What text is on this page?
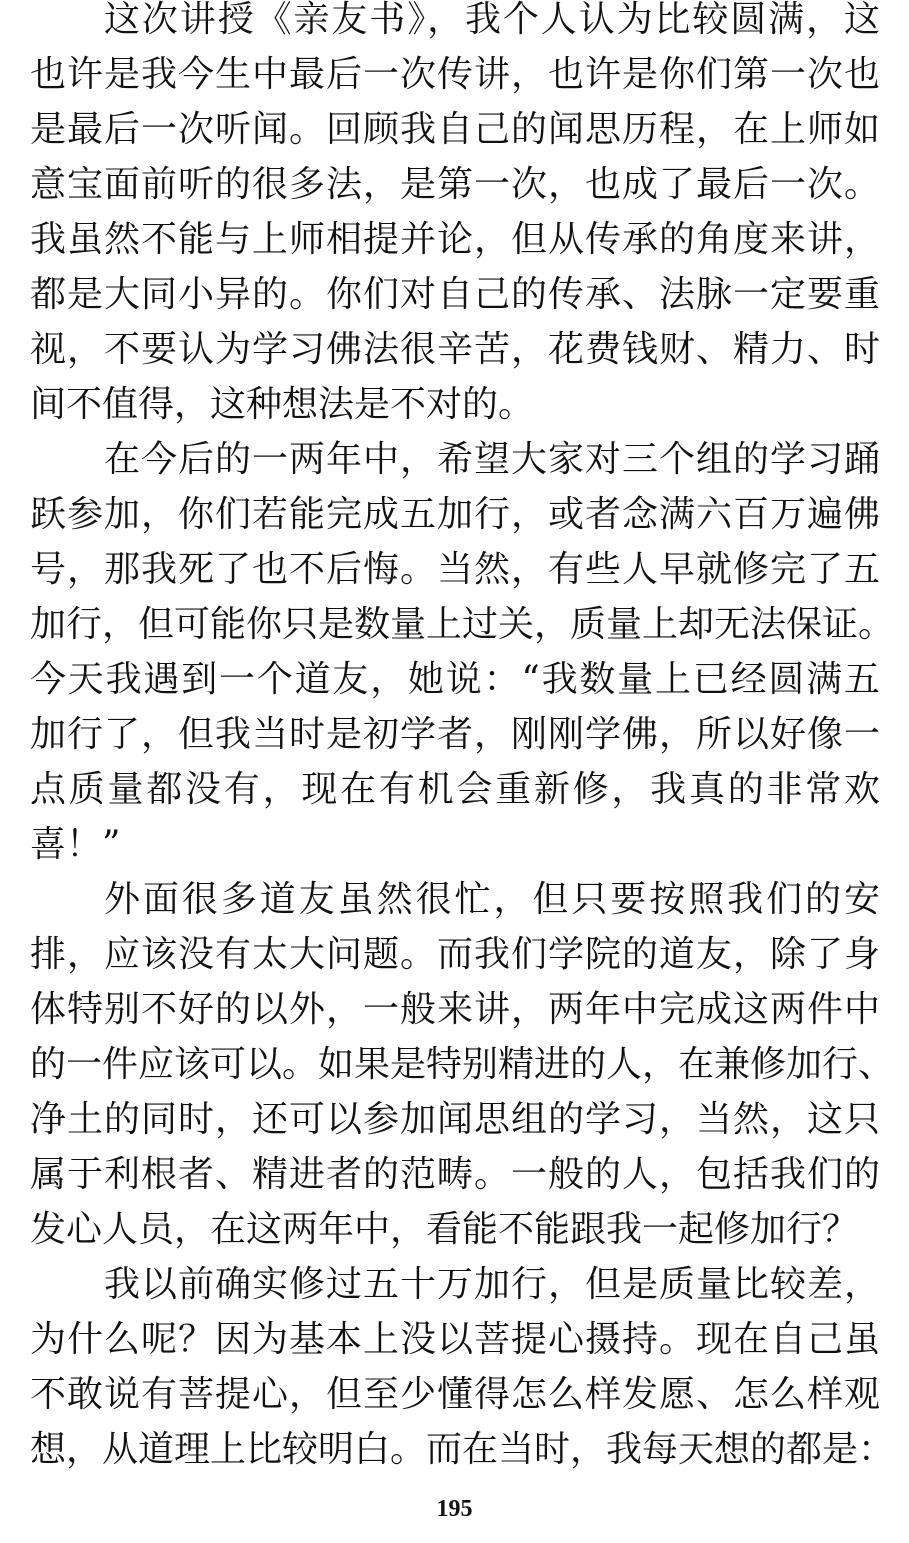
这次讲授《亲友书》，我个人认为比较圆满，这
也许是我今生中最后一次传讲，也许是你们第一次也
是最后一次听闻。回顾我自己的闻思历程，在上师如
意宝面前听的很多法，是第一次，也成了最后一次。
我虽然不能与上师相提并论，但从传承的角度来讲，
都是大同小异的。你们对自己的传承、法脉一定要重
视，不要认为学习佛法很辛苦，花费钱财、精力、时
间不值得，这种想法是不对的。
在今后的一两年中，希望大家对三个组的学习踊
跃参加，你们若能完成五加行，或者念满六百万遍佛
号，那我死了也不后悔。当然，有些人早就修完了五
加行，但可能你只是数量上过关，质量上却无法保证。
今天我遇到一个道友，她说：“我数量上已经圆满五
加行了，但我当时是初学者，刚刚学佛，所以好像一
点质量都没有，现在有机会重新修，我真的非常欢
喜！”
外面很多道友虽然很忙，但只要按照我们的安
排，应该没有太大问题。而我们学院的道友，除了身
体特别不好的以外，一般来讲，两年中完成这两件中
的一件应该可以。如果是特别精进的人，在兼修加行、
净土的同时，还可以参加闻思组的学习，当然，这只
属于利根者、精进者的范畴。一般的人，包括我们的
发心人员，在这两年中，看能不能跟我一起修加行？
我以前确实修过五十万加行，但是质量比较差，
为什么呢？因为基本上没以菩提心摄持。现在自己虽
不敢说有菩提心，但至少懂得怎么样发愿、怎么样观
想，从道理上比较明白。而在当时，我每天想的都是：
195
